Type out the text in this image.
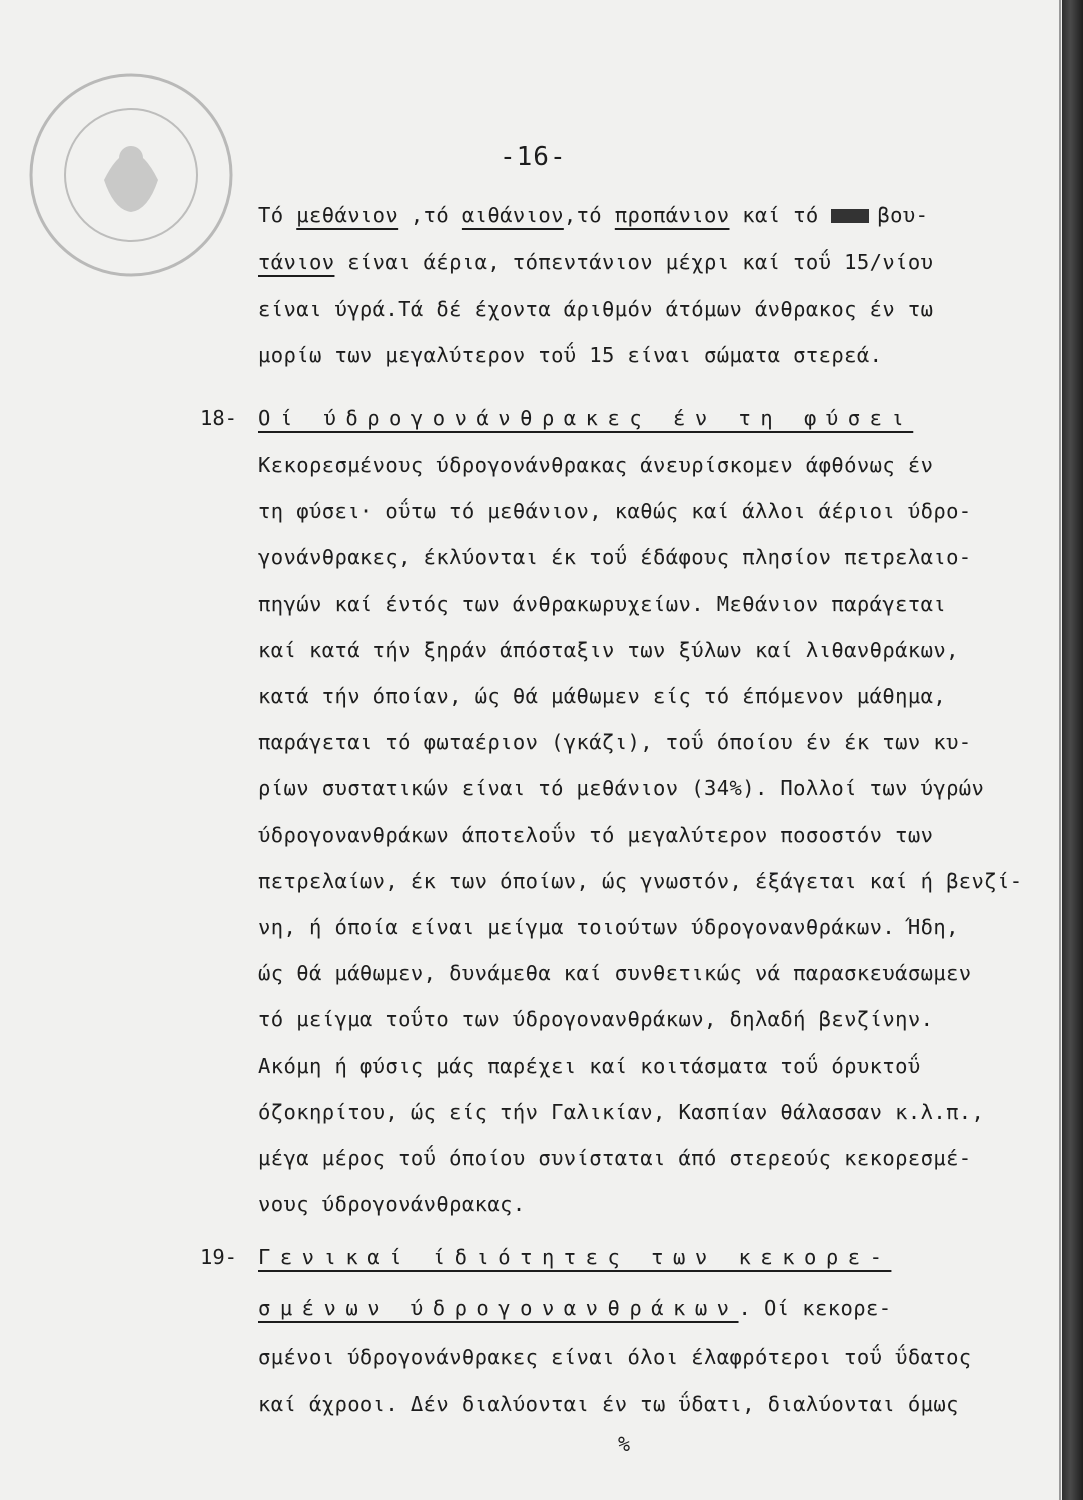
-16-

Τό μεθάνιον ,τό αιθάνιον,τό προπάνιον καί τό βου-
τάνιον είναι άέρια, τόπεντάνιον μέχρι καί τοΰ 15/νίου
είναι ύγρά.Τά δέ έχοντα άριθμόν άτόμων άνθρακος έν τω
μορίω των μεγαλύτερον τοΰ 15 είναι σώματα στερεά.
18- Οί ύδρογονάνθρακες έν τη φύσει
Κεκορεσμένους ύδρογονάνθρακας άνευρίσκομεν άφθόνως έν
τη φύσει· οΰτω τό μεθάνιον, καθώς καί άλλοι άέριοι ύδρο-
γονάνθρακες, έκλύονται έκ τοΰ έδάφους πλησίον πετρελαιο-
πηγών καί έντός των άνθρακωρυχείων. Μεθάνιον παράγεται
καί κατά τήν ξηράν άπόσταξιν των ξύλων καί λιθανθράκων,
κατά τήν όποίαν, ώς θά μάθωμεν είς τό έπόμενον μάθημα,
παράγεται τό φωταέριον (γκάζι), τοΰ όποίου έν έκ των κυ-
ρίων συστατικών είναι τό μεθάνιον (34%). Πολλοί των ύγρών
ύδρογονανθράκων άποτελοΰν τό μεγαλύτερον ποσοστόν των
πετρελαίων, έκ των όποίων, ώς γνωστόν, έξάγεται καί ή βενζί-
νη, ή όποία είναι μείγμα τοιούτων ύδρογονανθράκων. Ήδη,
ώς θά μάθωμεν, δυνάμεθα καί συνθετικώς νά παρασκευάσωμεν
τό μείγμα τοΰτο των ύδρογονανθράκων, δηλαδή βενζίνην.
Ακόμη ή φύσις μάς παρέχει καί κοιτάσματα τοΰ όρυκτοΰ
όζοκηρίτου, ώς είς τήν Γαλικίαν, Κασπίαν θάλασσαν κ.λ.π.,
μέγα μέρος τοΰ όποίου συνίσταται άπό στερεούς κεκορεσμέ-
νους ύδρογονάνθρακας.
19- Γενικαί ίδιότητες των κεκορε-
σμένων ύδρογονανθράκων. Οί κεκορε-
σμένοι ύδρογονάνθρακες είναι όλοι έλαφρότεροι τοΰ ΰδατος
καί άχροοι. Δέν διαλύονται έν τω ΰδατι, διαλύονται όμως
%
